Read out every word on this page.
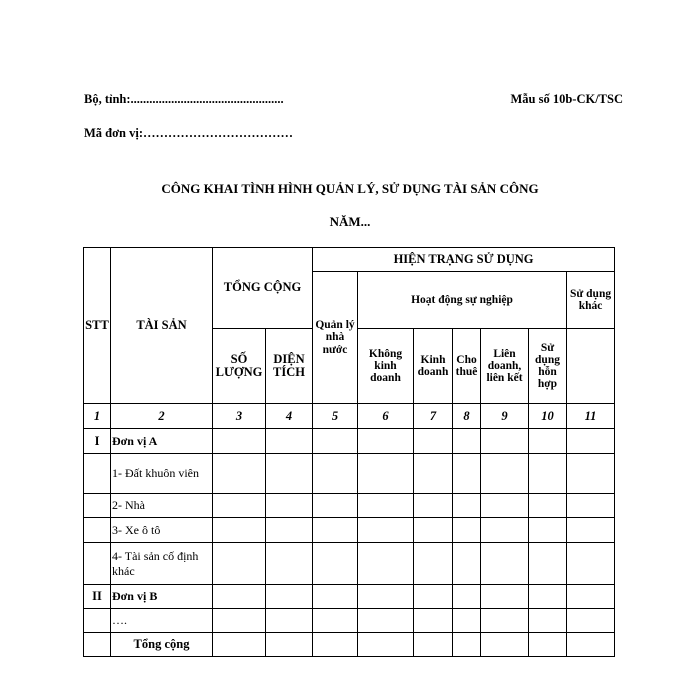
Bộ, tỉnh:.................................................	Mẫu số 10b-CK/TSC
Mã đơn vị:………………………………
CÔNG KHAI TÌNH HÌNH QUẢN LÝ, SỬ DỤNG TÀI SẢN CÔNG
NĂM...
STT	TÀI SẢN	TỔNG CỘNG		HIỆN TRẠNG SỬ DỤNG						
				Quản lý nhà nước	Hoạt động sự nghiệp					Sử dụng khác
		SỐ LƯỢNG	DIỆN TÍCH		Không kinh doanh	Kinh doanh	Cho thuê	Liên doanh, liên kết	Sử dụng hỗn hợp	
1	2	3	4	5	6	7	8	9	10	11
I	Đơn vị A									
	1- Đất khuôn viên									
	2- Nhà									
	3- Xe ô tô									
	4- Tài sản cố định khác									
II	Đơn vị B									
	….									
	Tổng cộng									
